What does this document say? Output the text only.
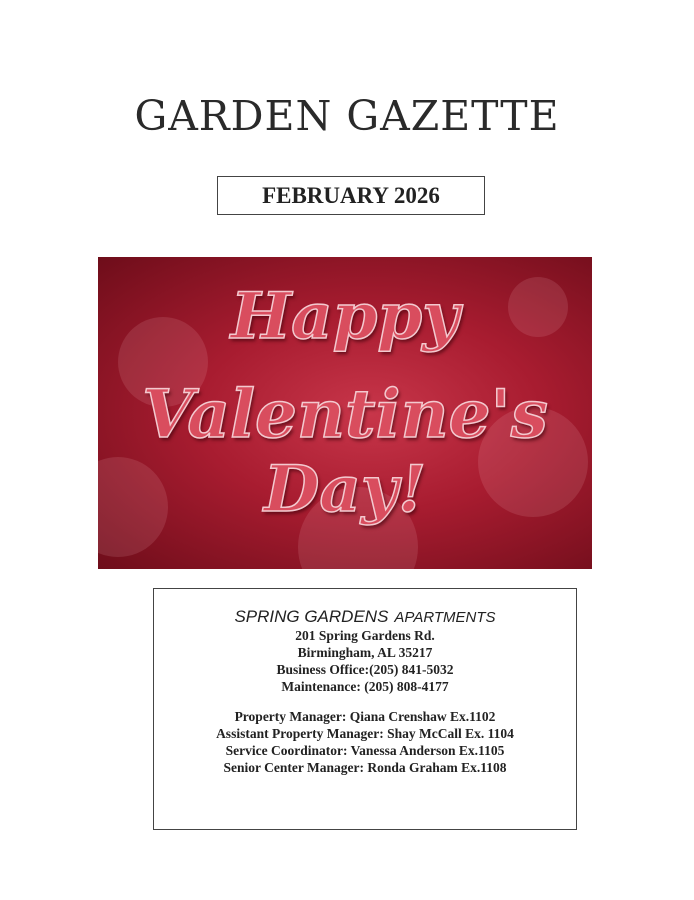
GARDEN GAZETTE
FEBRUARY 2026
Happy
Valentine's
Day!
SPRING GARDENS APARTMENTS
201 Spring Gardens Rd.
Birmingham, AL 35217
Business Office:(205) 841-5032
Maintenance: (205) 808-4177
Property Manager: Qiana Crenshaw Ex.1102
Assistant Property Manager: Shay McCall Ex. 1104
Service Coordinator: Vanessa Anderson Ex.1105
Senior Center Manager: Ronda Graham Ex.1108
